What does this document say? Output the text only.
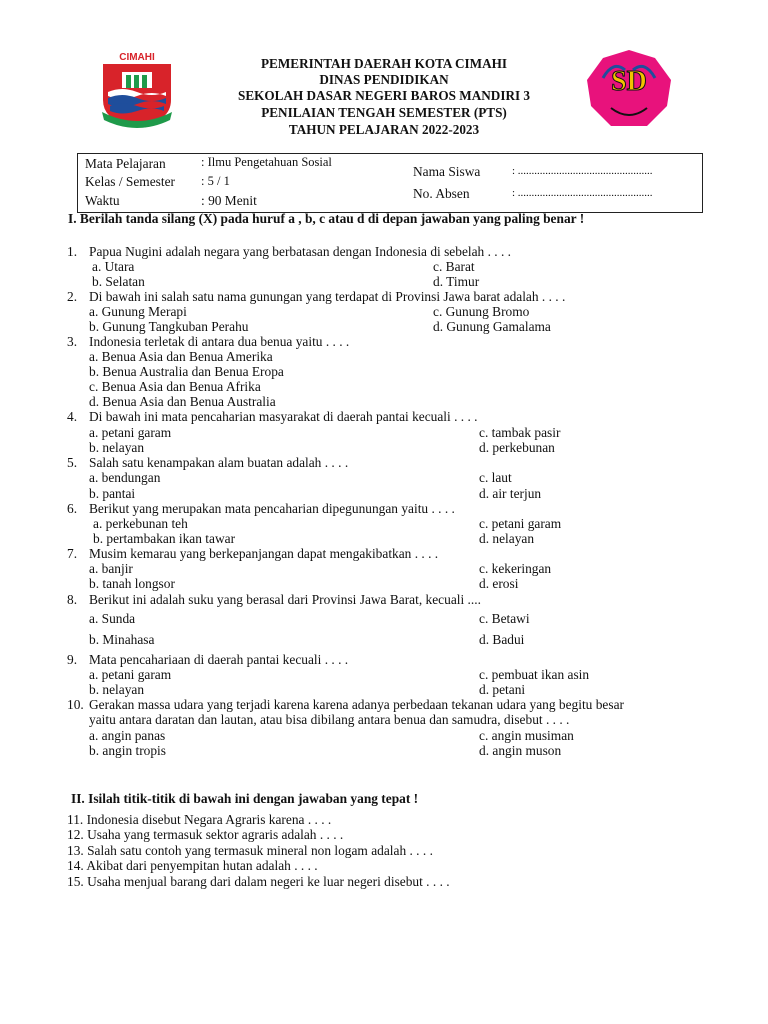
CIMAHI	PEMERINTAH DAERAH KOTA CIMAHI
DINAS PENDIDIKAN
SEKOLAH DASAR NEGERI BAROS MANDIRI 3
PENILAIAN TENGAH SEMESTER (PTS)
TAHUN PELAJARAN 2022-2023
SD
Mata Pelajaran	: Ilmu Pengetahuan Sosial
Kelas / Semester : 5 / 1
Waktu	: 90 Menit
Nama Siswa	: .................................................
No. Absen	: .................................................
I. Berilah tanda silang (X) pada huruf a , b, c atau d di depan jawaban yang paling benar !
1. Papua Nugini adalah negara yang berbatasan dengan Indonesia di sebelah . . . .
a. Utara
b. Selatan
c. Barat
d. Timur
2. Di bawah ini salah satu nama gunungan yang terdapat di Provinsi Jawa barat adalah . . . .
a. Gunung Merapi
b. Gunung Tangkuban Perahu
c. Gunung Bromo
d. Gunung Gamalama
3. Indonesia terletak di antara dua benua yaitu . . . .
a. Benua Asia dan Benua Amerika
b. Benua Australia dan Benua Eropa
c. Benua Asia dan Benua Afrika
d. Benua Asia dan Benua Australia
4. Di bawah ini mata pencaharian masyarakat di daerah pantai kecuali . . . .
a. petani garam
b. nelayan
c. tambak pasir
d. perkebunan
5. Salah satu kenampakan alam buatan adalah . . . .
a. bendungan
b. pantai
c. laut
d. air terjun
6. Berikut yang merupakan mata pencaharian dipegunungan yaitu . . . .
a. perkebunan teh
b. pertambakan ikan tawar
c. petani garam
d. nelayan
7. Musim kemarau yang berkepanjangan dapat mengakibatkan . . . .
a. banjir
b. tanah longsor
c. kekeringan
d. erosi
8. Berikut ini adalah suku yang berasal dari Provinsi Jawa Barat, kecuali ....
a. Sunda
b. Minahasa
c. Betawi
d. Badui
9. Mata pencahariaan di daerah pantai kecuali . . . .
a. petani garam
b. nelayan
c. pembuat ikan asin
d. petani
10. Gerakan massa udara yang terjadi karena karena adanya perbedaan tekanan udara yang begitu besar
yaitu antara daratan dan lautan, atau bisa dibilang antara benua dan samudra, disebut . . . .
a. angin panas
b. angin tropis
c. angin musiman
d. angin muson
II. Isilah titik-titik di bawah ini dengan jawaban yang tepat !
11. Indonesia disebut Negara Agraris karena . . . .
12. Usaha yang termasuk sektor agraris adalah . . . .
13. Salah satu contoh yang termasuk mineral non logam adalah . . . .
14. Akibat dari penyempitan hutan adalah . . . .
15. Usaha menjual barang dari dalam negeri ke luar negeri disebut . . . .
